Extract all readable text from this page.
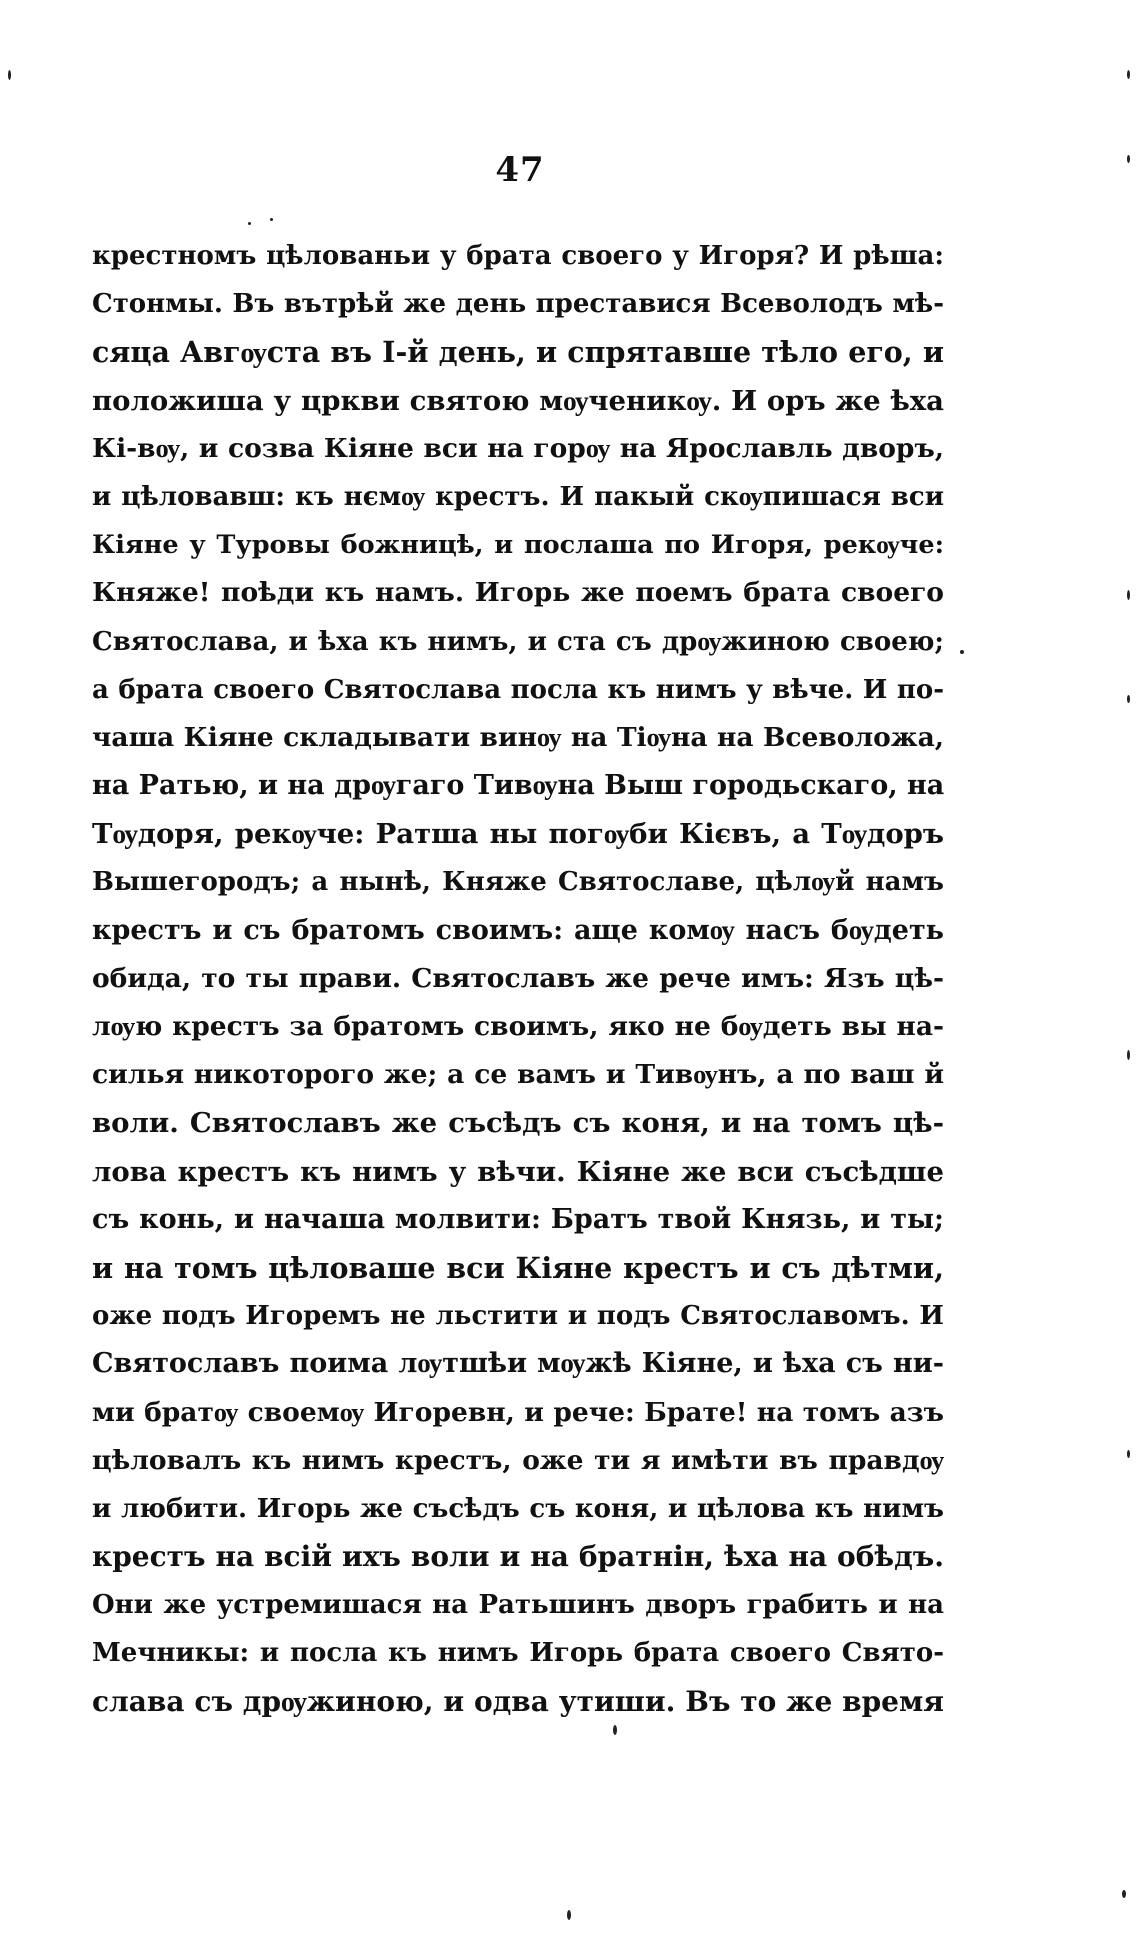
47
крестномъ цѣлованьи у брата своего у Игоря? И рѣша:
Стонмы. Въ вътрѣй же день преставися Всеволодъ мѣ-
сяца Авгѹста въ I-й день, и спрятавше тѣло его, и
положиша у цркви святою мѹченикѹ. И оръ же ѣха
Кі-вѹ, и созва Кіяне вси на горѹ на Ярославль дворъ,
и цѣловавш: къ нємѹ крестъ. И пакый скѹпишася вси
Кіяне у Туровы божницѣ, и послаша по Игоря, рекѹче:
Княже! поѣди къ намъ. Игорь же поемъ брата своего
Святослава, и ѣха къ нимъ, и ста съ дрѹжиною своею;
а брата своего Святослава посла къ нимъ у вѣче. И по-
чаша Кіяне складывати винѹ на Тіѹна на Всеволожа,
на Ратью, и на дрѹгаго Тивѹна Выш городьскаго, на
Тѹдоря, рекѹче: Ратша ны погѹби Кієвъ, а Тѹдоръ
Вышегородъ; а нынѣ, Княже Святославе, цѣлѹй намъ
крестъ и съ братомъ своимъ: аще комѹ насъ бѹдеть
обида, то ты прави. Святославъ же рече имъ: Язъ цѣ-
лѹю крестъ за братомъ своимъ, яко не бѹдеть вы на-
силья никоторого же; а се вамъ и Тивѹнъ, а по ваш й
воли. Святославъ же съсѣдъ съ коня, и на томъ цѣ-
лова крестъ къ нимъ у вѣчи. Кіяне же вси съсѣдше
съ конь, и начаша молвити: Братъ твой Князь, и ты;
и на томъ цѣловаше вси Кіяне крестъ и съ дѣтми,
оже подъ Игоремъ не льстити и подъ Святославомъ. И
Святославъ поима лѹтшѣи мѹжѣ Кіяне, и ѣха съ ни-
ми братѹ своемѹ Игоревн, и рече: Брате! на томъ азъ
цѣловалъ къ нимъ крестъ, оже ти я имѣти въ правдѹ
и любити. Игорь же съсѣдъ съ коня, и цѣлова къ нимъ
крестъ на всій ихъ воли и на братнін, ѣха на обѣдъ.
Они же устремишася на Ратьшинъ дворъ грабить и на
Мечникы: и посла къ нимъ Игорь брата своего Свято-
слава съ дрѹжиною, и одва утиши. Въ то же время
